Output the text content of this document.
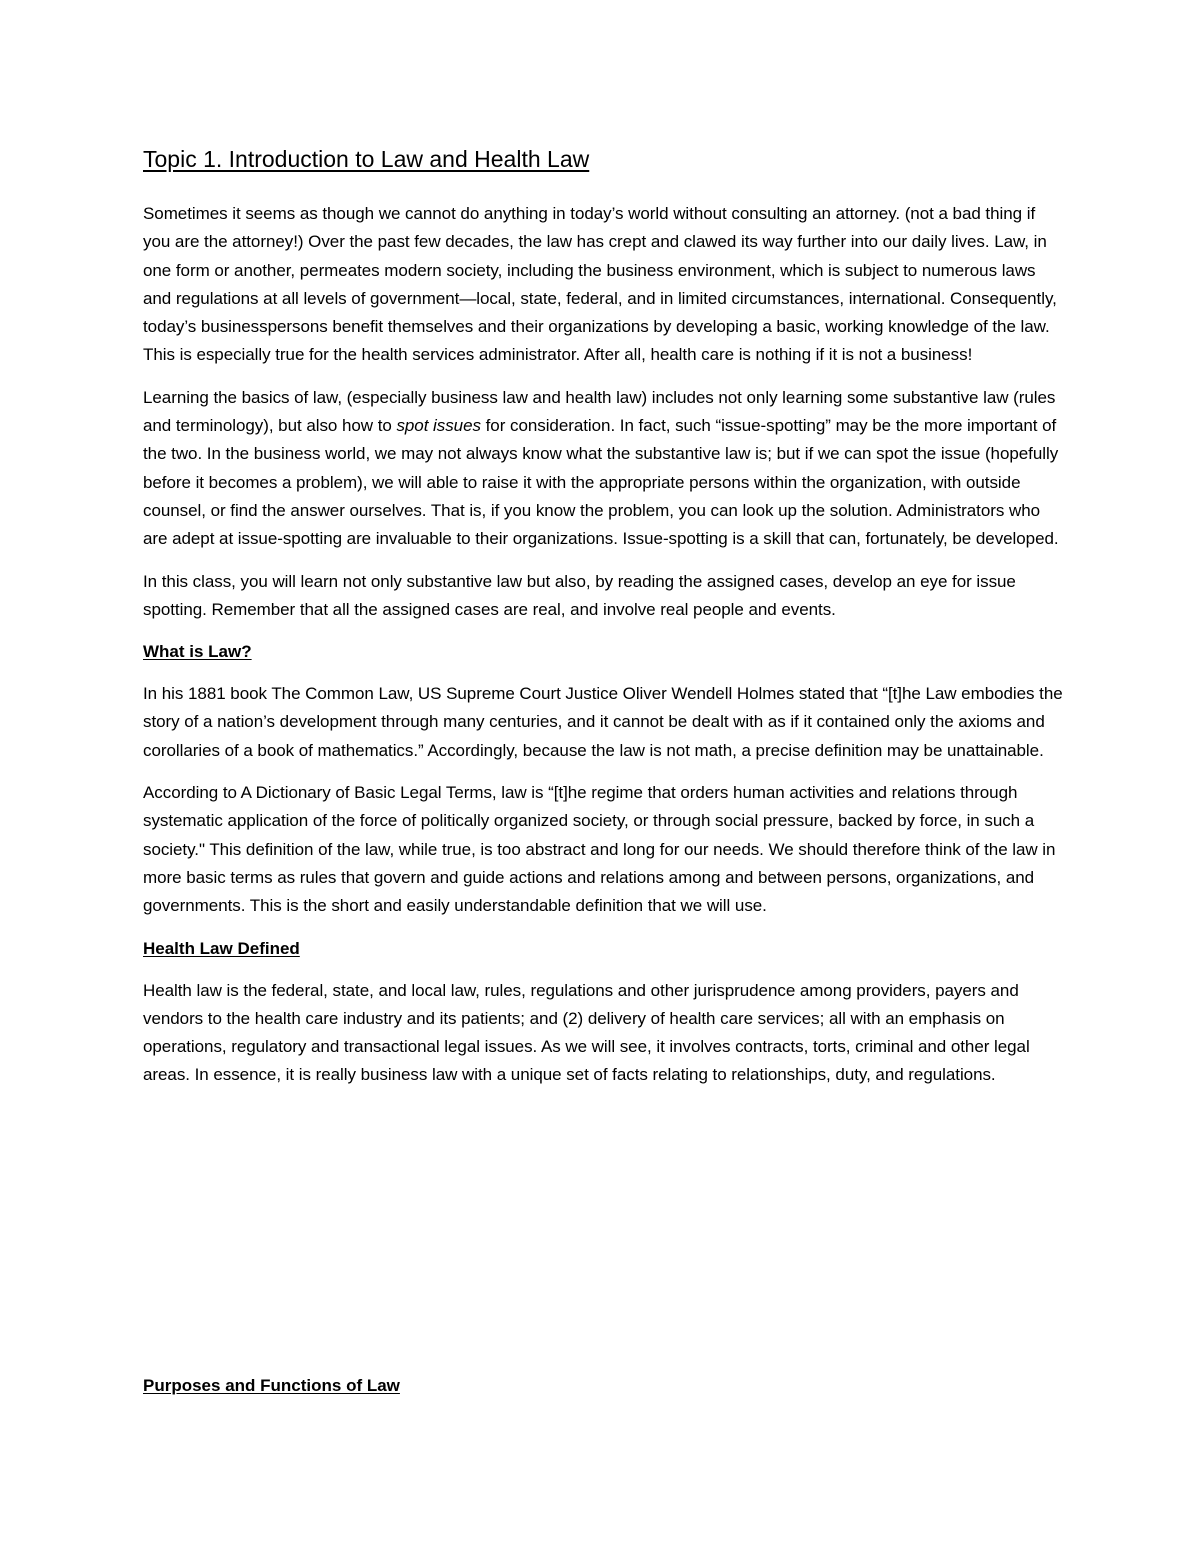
Topic 1. Introduction to Law and Health Law

Sometimes it seems as though we cannot do anything in today’s world without consulting an attorney. (not a bad thing if you are the attorney!) Over the past few decades, the law has crept and clawed its way further into our daily lives. Law, in one form or another, permeates modern society, including the business environment, which is subject to numerous laws and regulations at all levels of government—local, state, federal, and in limited circumstances, international. Consequently, today’s businesspersons benefit themselves and their organizations by developing a basic, working knowledge of the law. This is especially true for the health services administrator. After all, health care is nothing if it is not a business!

Learning the basics of law, (especially business law and health law) includes not only learning some substantive law (rules and terminology), but also how to spot issues for consideration. In fact, such “issue-spotting” may be the more important of the two. In the business world, we may not always know what the substantive law is; but if we can spot the issue (hopefully before it becomes a problem), we will able to raise it with the appropriate persons within the organization, with outside counsel, or find the answer ourselves. That is, if you know the problem, you can look up the solution. Administrators who are adept at issue-spotting are invaluable to their organizations. Issue-spotting is a skill that can, fortunately, be developed.

In this class, you will learn not only substantive law but also, by reading the assigned cases, develop an eye for issue spotting. Remember that all the assigned cases are real, and involve real people and events.

What is Law?

In his 1881 book The Common Law, US Supreme Court Justice Oliver Wendell Holmes stated that “[t]he Law embodies the story of a nation’s development through many centuries, and it cannot be dealt with as if it contained only the axioms and corollaries of a book of mathematics.” Accordingly, because the law is not math, a precise definition may be unattainable.

According to A Dictionary of Basic Legal Terms, law is “[t]he regime that orders human activities and relations through systematic application of the force of politically organized society, or through social pressure, backed by force, in such a society." This definition of the law, while true, is too abstract and long for our needs. We should therefore think of the law in more basic terms as rules that govern and guide actions and relations among and between persons, organizations, and governments. This is the short and easily understandable definition that we will use.

Health Law Defined

Health law is the federal, state, and local law, rules, regulations and other jurisprudence among providers, payers and vendors to the health care industry and its patients; and (2) delivery of health care services; all with an emphasis on operations, regulatory and transactional legal issues. As we will see, it involves contracts, torts, criminal and other legal areas. In essence, it is really business law with a unique set of facts relating to relationships, duty, and regulations.

Purposes and Functions of Law
